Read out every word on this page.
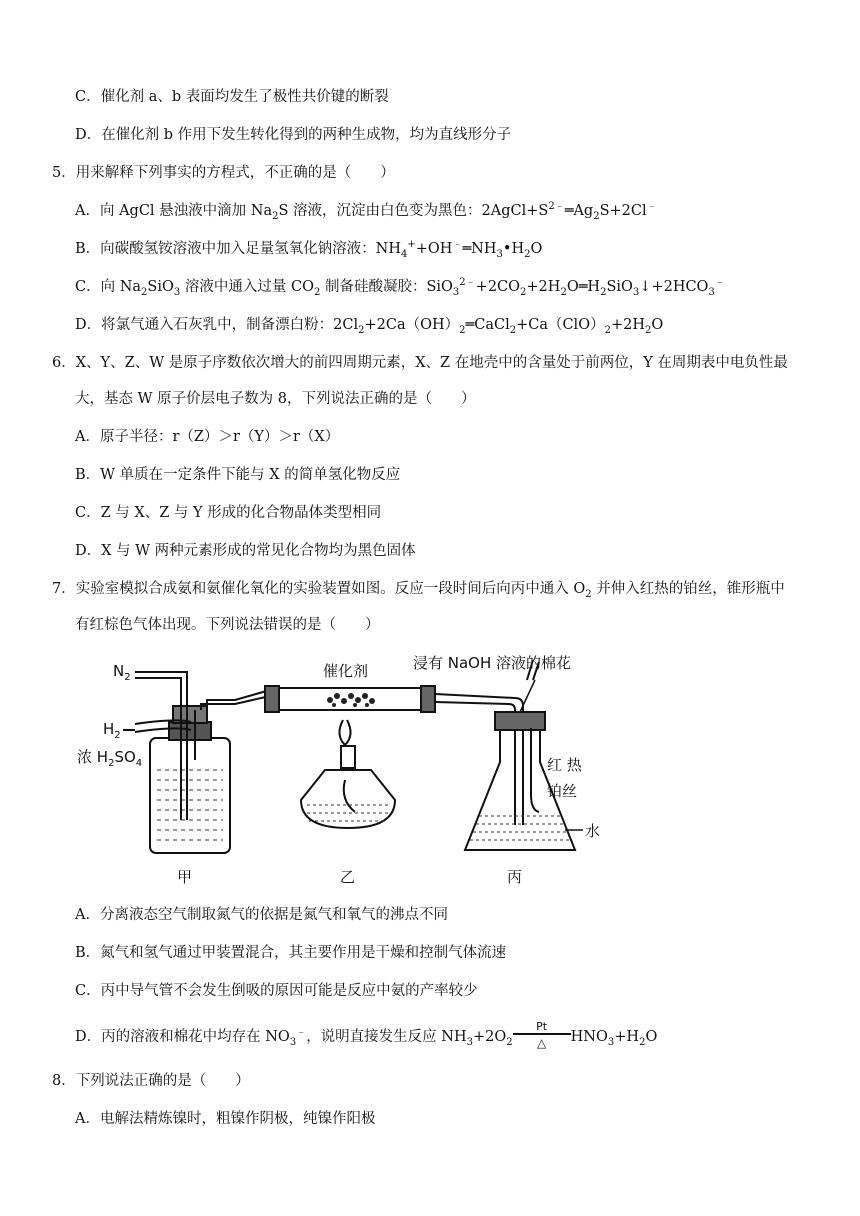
C．催化剂 a、b 表面均发生了极性共价键的断裂
D．在催化剂 b 作用下发生转化得到的两种生成物，均为直线形分子
5．用来解释下列事实的方程式，不正确的是（　　）
A．向 AgCl 悬浊液中滴加 $Na_2S$ 溶液，沉淀由白色变为黑色：$2AgCl+S^{2﹣}═Ag_2S+2Cl^﹣$
B．向碳酸氢铵溶液中加入足量氢氧化钠溶液：$NH_4^++OH^﹣═NH_3•H_2O$
C．向 $Na_2SiO_3$ 溶液中通入过量 $CO_2$ 制备硅酸凝胶：$SiO_3^{2﹣}+2CO_2+2H_2O═H_2SiO_3↓+2HCO_3^﹣$
D．将氯气通入石灰乳中，制备漂白粉：$2Cl_2+2Ca(OH)_2═CaCl_2+Ca(ClO)_2+2H_2O$
6．X、Y、Z、W 是原子序数依次增大的前四周期元素，X、Z 在地壳中的含量处于前两位，Y 在周期表中电负性最
大，基态 W 原子价层电子数为 8，下列说法正确的是（　　）
A．原子半径：r（Z）＞r（Y）＞r（X）
B．W 单质在一定条件下能与 X 的简单氢化物反应
C．Z 与 X、Z 与 Y 形成的化合物晶体类型相同
D．X 与 W 两种元素形成的常见化合物均为黑色固体
7．实验室模拟合成氨和氨催化氧化的实验装置如图。反应一段时间后向丙中通入 $O_2$ 并伸入红热的铂丝，锥形瓶中
有红棕色气体出现。下列说法错误的是（　　）
$N_2$
$H_2$
浓 $H_2SO_4$
催化剂	浸有 NaOH 溶液的棉花
红 热
铂丝
水
甲	乙	丙
A．分离液态空气制取氮气的依据是氮气和氧气的沸点不同
B．氮气和氢气通过甲装置混合，其主要作用是干燥和控制气体流速
C．丙中导气管不会发生倒吸的原因可能是反应中氨的产率较少
D．丙的溶液和棉花中均存在 $NO_3^﹣$，说明直接发生反应 $NH_3+2O_2 \frac{Pt}{\triangle} HNO_3+H_2O$
8．下列说法正确的是（　　）
A．电解法精炼镍时，粗镍作阴极，纯镍作阳极
